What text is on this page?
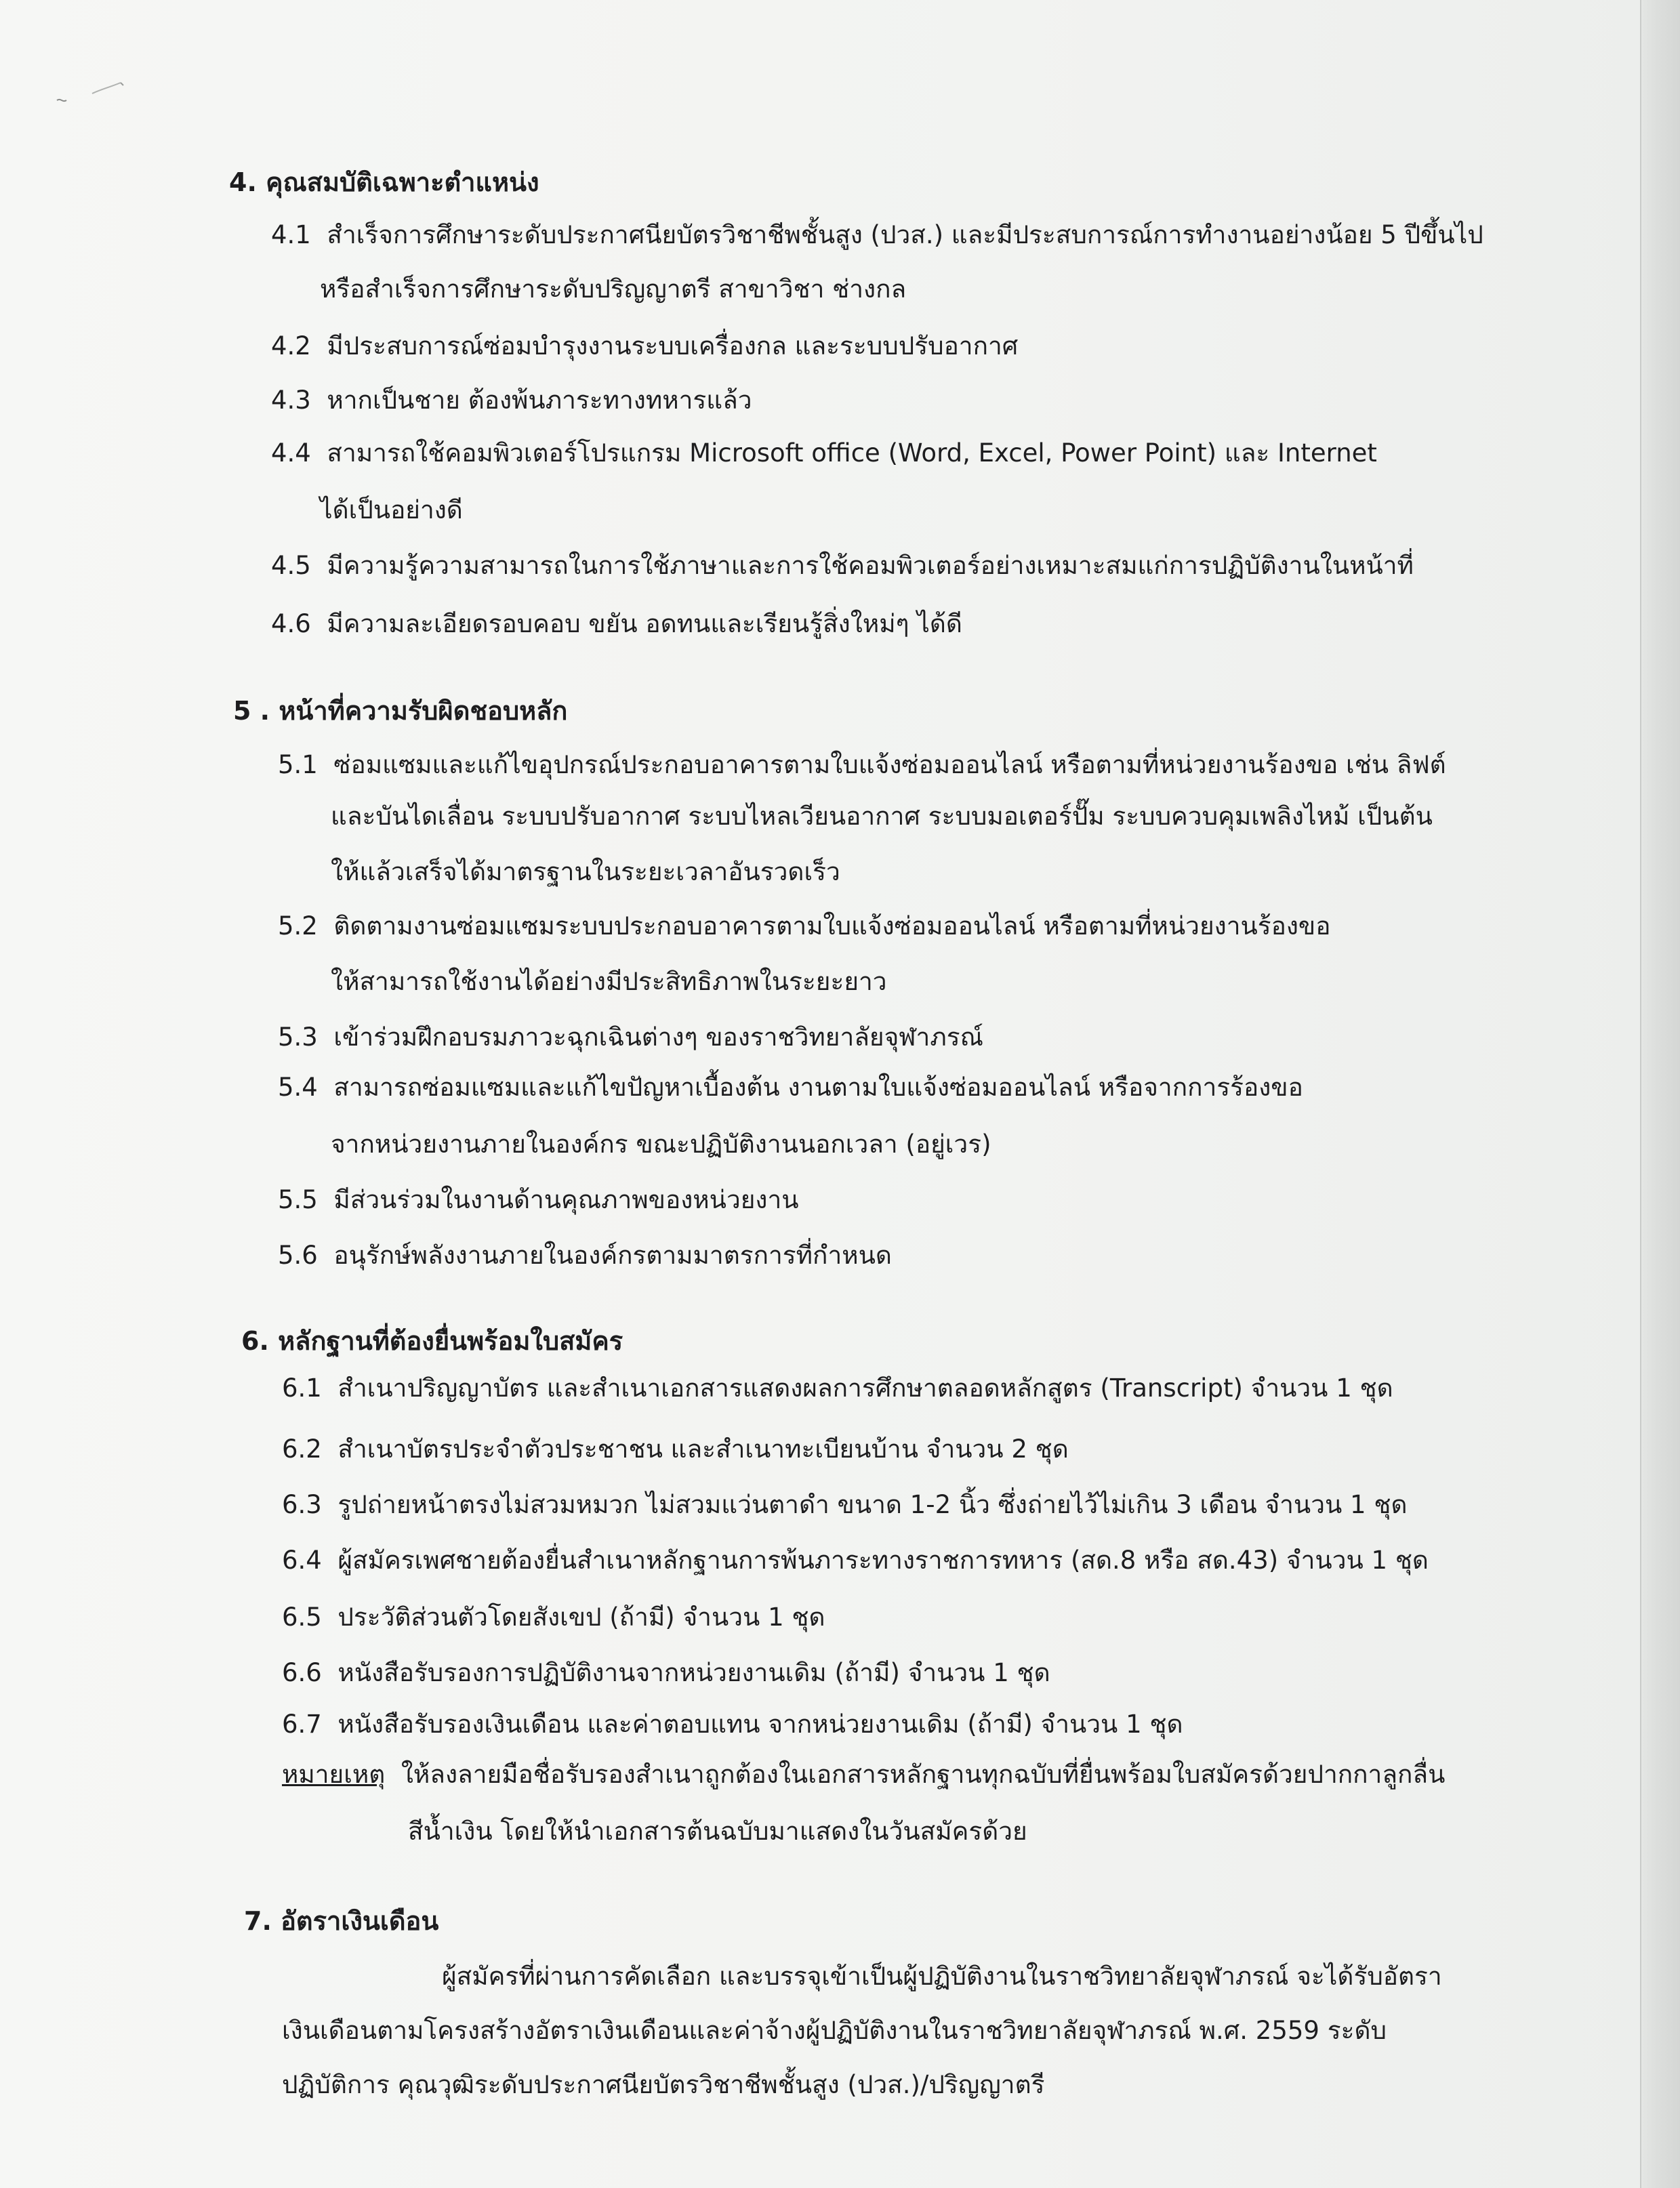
4. คุณสมบัติเฉพาะตำแหน่ง
4.1 สำเร็จการศึกษาระดับประกาศนียบัตรวิชาชีพชั้นสูง (ปวส.) และมีประสบการณ์การทำงานอย่างน้อย 5 ปีขึ้นไป
หรือสำเร็จการศึกษาระดับปริญญาตรี สาขาวิชา ช่างกล
4.2 มีประสบการณ์ซ่อมบำรุงงานระบบเครื่องกล และระบบปรับอากาศ
4.3 หากเป็นชาย ต้องพ้นภาระทางทหารแล้ว
4.4 สามารถใช้คอมพิวเตอร์โปรแกรม Microsoft office (Word, Excel, Power Point) และ Internet
ได้เป็นอย่างดี
4.5 มีความรู้ความสามารถในการใช้ภาษาและการใช้คอมพิวเตอร์อย่างเหมาะสมแก่การปฏิบัติงานในหน้าที่
4.6 มีความละเอียดรอบคอบ ขยัน อดทนและเรียนรู้สิ่งใหม่ๆ ได้ดี
5 . หน้าที่ความรับผิดชอบหลัก
5.1 ซ่อมแซมและแก้ไขอุปกรณ์ประกอบอาคารตามใบแจ้งซ่อมออนไลน์ หรือตามที่หน่วยงานร้องขอ เช่น ลิฟต์
และบันไดเลื่อน ระบบปรับอากาศ ระบบไหลเวียนอากาศ ระบบมอเตอร์ปั๊ม ระบบควบคุมเพลิงไหม้ เป็นต้น
ให้แล้วเสร็จได้มาตรฐานในระยะเวลาอันรวดเร็ว
5.2 ติดตามงานซ่อมแซมระบบประกอบอาคารตามใบแจ้งซ่อมออนไลน์ หรือตามที่หน่วยงานร้องขอ
ให้สามารถใช้งานได้อย่างมีประสิทธิภาพในระยะยาว
5.3 เข้าร่วมฝึกอบรมภาวะฉุกเฉินต่างๆ ของราชวิทยาลัยจุฬาภรณ์
5.4 สามารถซ่อมแซมและแก้ไขปัญหาเบื้องต้น งานตามใบแจ้งซ่อมออนไลน์ หรือจากการร้องขอ
จากหน่วยงานภายในองค์กร ขณะปฏิบัติงานนอกเวลา (อยู่เวร)
5.5 มีส่วนร่วมในงานด้านคุณภาพของหน่วยงาน
5.6 อนุรักษ์พลังงานภายในองค์กรตามมาตรการที่กำหนด
6. หลักฐานที่ต้องยื่นพร้อมใบสมัคร
6.1 สำเนาปริญญาบัตร และสำเนาเอกสารแสดงผลการศึกษาตลอดหลักสูตร (Transcript) จำนวน 1 ชุด
6.2 สำเนาบัตรประจำตัวประชาชน และสำเนาทะเบียนบ้าน จำนวน 2 ชุด
6.3 รูปถ่ายหน้าตรงไม่สวมหมวก ไม่สวมแว่นตาดำ ขนาด 1-2 นิ้ว ซึ่งถ่ายไว้ไม่เกิน 3 เดือน จำนวน 1 ชุด
6.4 ผู้สมัครเพศชายต้องยื่นสำเนาหลักฐานการพ้นภาระทางราชการทหาร (สด.8 หรือ สด.43) จำนวน 1 ชุด
6.5 ประวัติส่วนตัวโดยสังเขป (ถ้ามี) จำนวน 1 ชุด
6.6 หนังสือรับรองการปฏิบัติงานจากหน่วยงานเดิม (ถ้ามี) จำนวน 1 ชุด
6.7 หนังสือรับรองเงินเดือน และค่าตอบแทน จากหน่วยงานเดิม (ถ้ามี) จำนวน 1 ชุด
หมายเหตุ ให้ลงลายมือชื่อรับรองสำเนาถูกต้องในเอกสารหลักฐานทุกฉบับที่ยื่นพร้อมใบสมัครด้วยปากกาลูกลื่น
สีน้ำเงิน โดยให้นำเอกสารต้นฉบับมาแสดงในวันสมัครด้วย
7. อัตราเงินเดือน
ผู้สมัครที่ผ่านการคัดเลือก และบรรจุเข้าเป็นผู้ปฏิบัติงานในราชวิทยาลัยจุฬาภรณ์ จะได้รับอัตรา
เงินเดือนตามโครงสร้างอัตราเงินเดือนและค่าจ้างผู้ปฏิบัติงานในราชวิทยาลัยจุฬาภรณ์ พ.ศ. 2559 ระดับ
ปฏิบัติการ คุณวุฒิระดับประกาศนียบัตรวิชาชีพชั้นสูง (ปวส.)/ปริญญาตรี
